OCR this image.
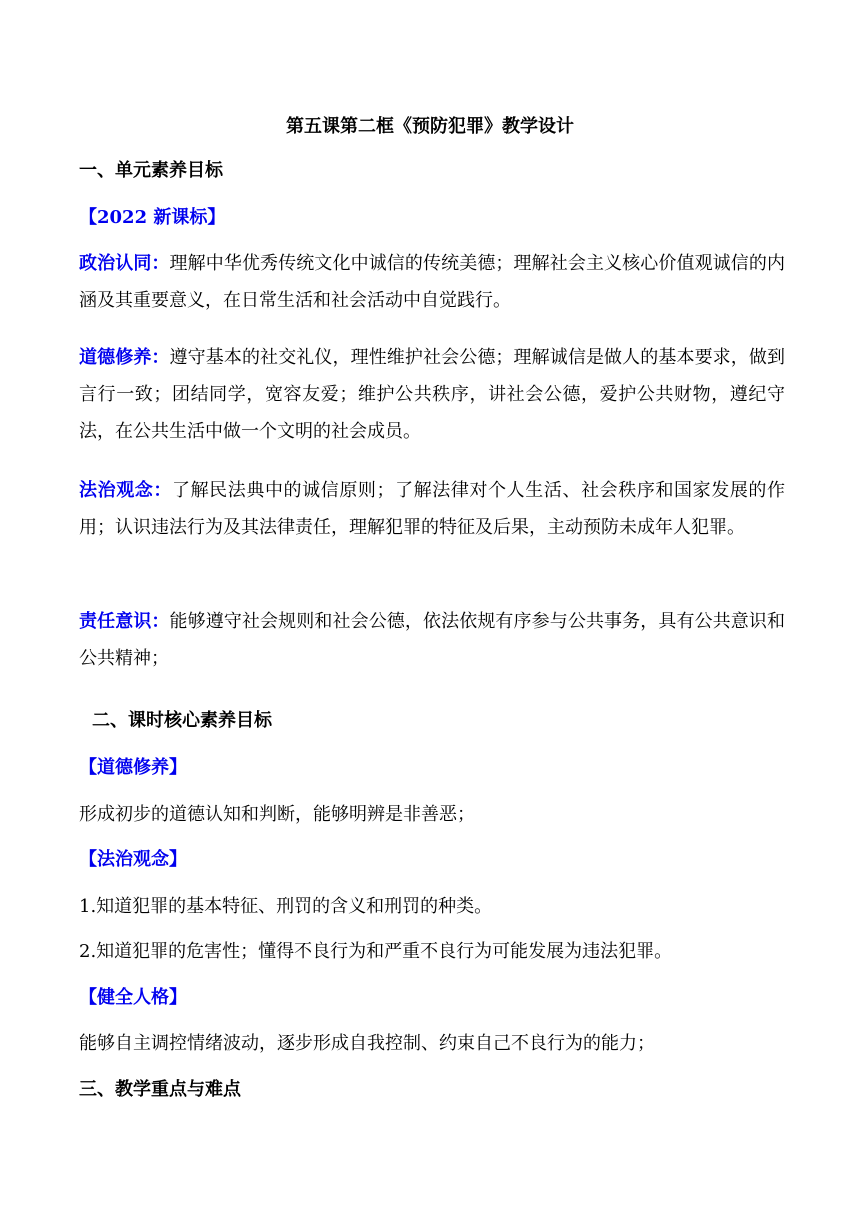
第五课第二框《预防犯罪》教学设计
一、单元素养目标
【2022 新课标】
政治认同：理解中华优秀传统文化中诚信的传统美德；理解社会主义核心价值观诚信的内涵及其重要意义，在日常生活和社会活动中自觉践行。
道德修养：遵守基本的社交礼仪，理性维护社会公德；理解诚信是做人的基本要求，做到言行一致；团结同学，宽容友爱；维护公共秩序，讲社会公德，爱护公共财物，遵纪守法，在公共生活中做一个文明的社会成员。
法治观念：了解民法典中的诚信原则；了解法律对个人生活、社会秩序和国家发展的作用；认识违法行为及其法律责任，理解犯罪的特征及后果，主动预防未成年人犯罪。
责任意识：能够遵守社会规则和社会公德，依法依规有序参与公共事务，具有公共意识和公共精神；
二、课时核心素养目标
【道德修养】
形成初步的道德认知和判断，能够明辨是非善恶；
【法治观念】
1.知道犯罪的基本特征、刑罚的含义和刑罚的种类。
2.知道犯罪的危害性；懂得不良行为和严重不良行为可能发展为违法犯罪。
【健全人格】
能够自主调控情绪波动，逐步形成自我控制、约束自己不良行为的能力；
三、教学重点与难点
